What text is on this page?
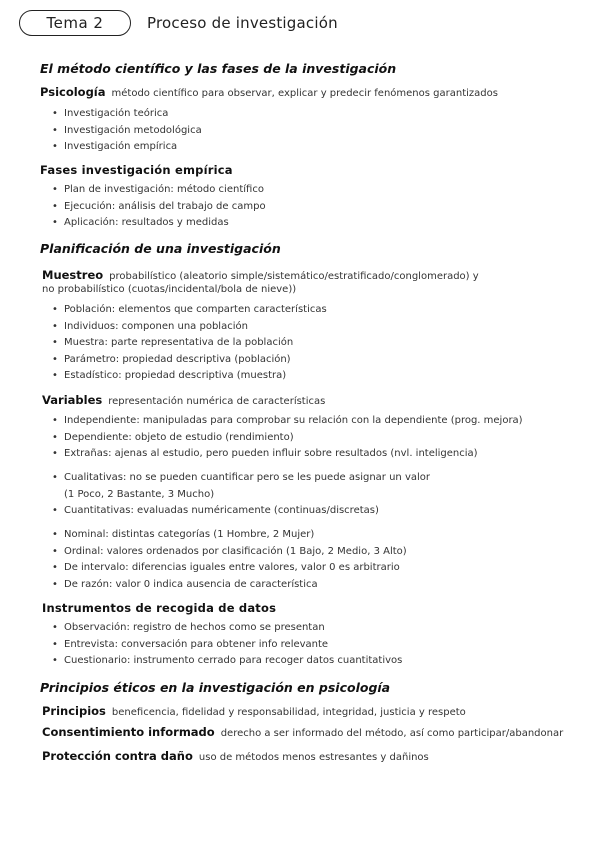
Tema 2	Proceso de investigación
El método científico y las fases de la investigación
Psicología método científico para observar, explicar y predecir fenómenos garantizados
• Investigación teórica
• Investigación metodológica
• Investigación empírica
Fases investigación empírica
• Plan de investigación: método científico
• Ejecución: análisis del trabajo de campo
• Aplicación: resultados y medidas
Planificación de una investigación
Muestreo probabilístico (aleatorio simple/sistemático/estratificado/conglomerado) y
no probabilístico (cuotas/incidental/bola de nieve))
• Población: elementos que comparten características
• Individuos: componen una población
• Muestra: parte representativa de la población
• Parámetro: propiedad descriptiva (población)
• Estadístico: propiedad descriptiva (muestra)
Variables representación numérica de características
• Independiente: manipuladas para comprobar su relación con la dependiente (prog. mejora)
• Dependiente: objeto de estudio (rendimiento)
• Extrañas: ajenas al estudio, pero pueden influir sobre resultados (nvl. inteligencia)
• Cualitativas: no se pueden cuantificar pero se les puede asignar un valor
(1 Poco, 2 Bastante, 3 Mucho)
• Cuantitativas: evaluadas numéricamente (continuas/discretas)
• Nominal: distintas categorías (1 Hombre, 2 Mujer)
• Ordinal: valores ordenados por clasificación (1 Bajo, 2 Medio, 3 Alto)
• De intervalo: diferencias iguales entre valores, valor 0 es arbitrario
• De razón: valor 0 indica ausencia de característica
Instrumentos de recogida de datos
• Observación: registro de hechos como se presentan
• Entrevista: conversación para obtener info relevante
• Cuestionario: instrumento cerrado para recoger datos cuantitativos
Principios éticos en la investigación en psicología
Principios beneficencia, fidelidad y responsabilidad, integridad, justicia y respeto
Consentimiento informado derecho a ser informado del método, así como participar/abandonar
Protección contra daño uso de métodos menos estresantes y dañinos
